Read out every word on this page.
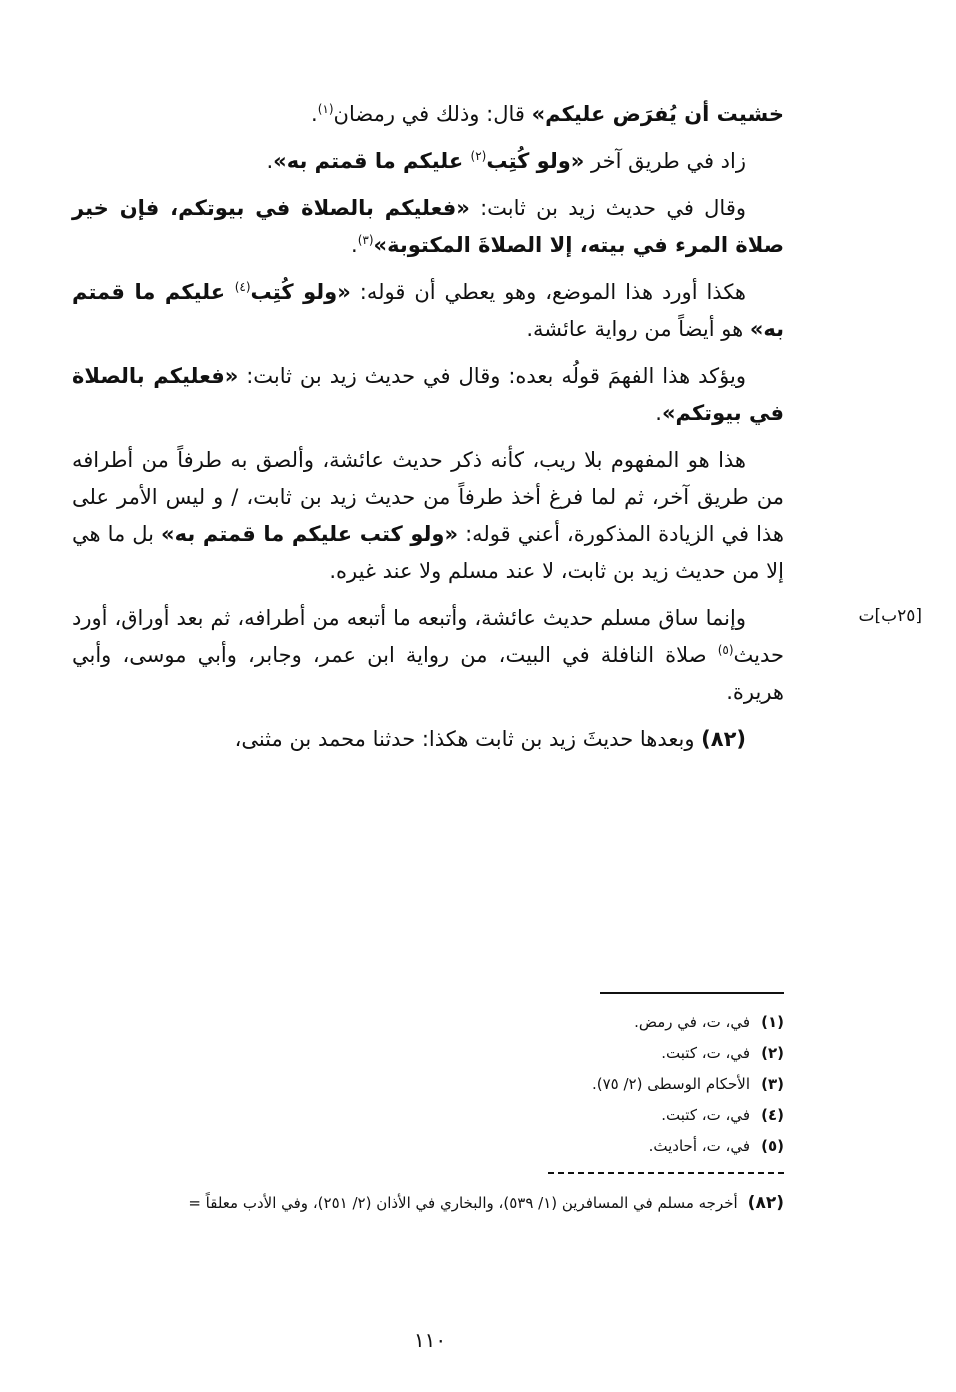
خشيت أن يُفرَض عليكم» قال: وذلك في رمضان$^{(١)}$.

زاد في طريق آخر «ولو كُتِب$^{(٢)}$ عليكم ما قمتم به».

وقال في حديث زيد بن ثابت: «فعليكم بالصلاة في بيوتكم، فإن خير صلاة المرء في بيته، إلا الصلاةَ المكتوبة»$^{(٣)}$.

هكذا أورد هذا الموضع، وهو يعطي أن قوله: «ولو كُتِب$^{(٤)}$ عليكم ما قمتم به» هو أيضاً من رواية عائشة.

ويؤكد هذا الفهمَ قولُه بعده: وقال في حديث زيد بن ثابت: «فعليكم بالصلاة في بيوتكم».

هذا هو المفهوم بلا ريب، كأنه ذكر حديث عائشة، وألصق به طرفاً من أطرافه من طريق آخر، ثم لما فرغ أخذ طرفاً من حديث زيد بن ثابت، / و ليس الأمر على هذا في الزيادة المذكورة، أعني قوله: «ولو كتب عليكم ما قمتم به» بل ما هي إلا من حديث زيد بن ثابت، لا عند مسلم ولا عند غيره.

وإنما ساق مسلم حديث عائشة، وأتبعه ما أتبعه من أطرافه، ثم بعد أوراق، أورد حديث$^{(٥)}$ صلاة النافلة في البيت، من رواية ابن عمر، وجابر، وأبي موسى، وأبي هريرة.

(٨٢) وبعدها حديثَ زيد بن ثابت هكذا: حدثنا محمد بن مثنى،

[٢٥ب]ت
(١)في، ت، في رمض.
(٢)في، ت، كتبت.
(٣)الأحكام الوسطى (٢/ ٧٥).
(٤)في، ت، كتبت.
(٥)في، ت، أحاديث.
(٨٢)أخرجه مسلم في المسافرين (١/ ٥٣٩)، والبخاري في الأذان (٢/ ٢٥١)، وفي الأدب معلقاً =
١١٠
